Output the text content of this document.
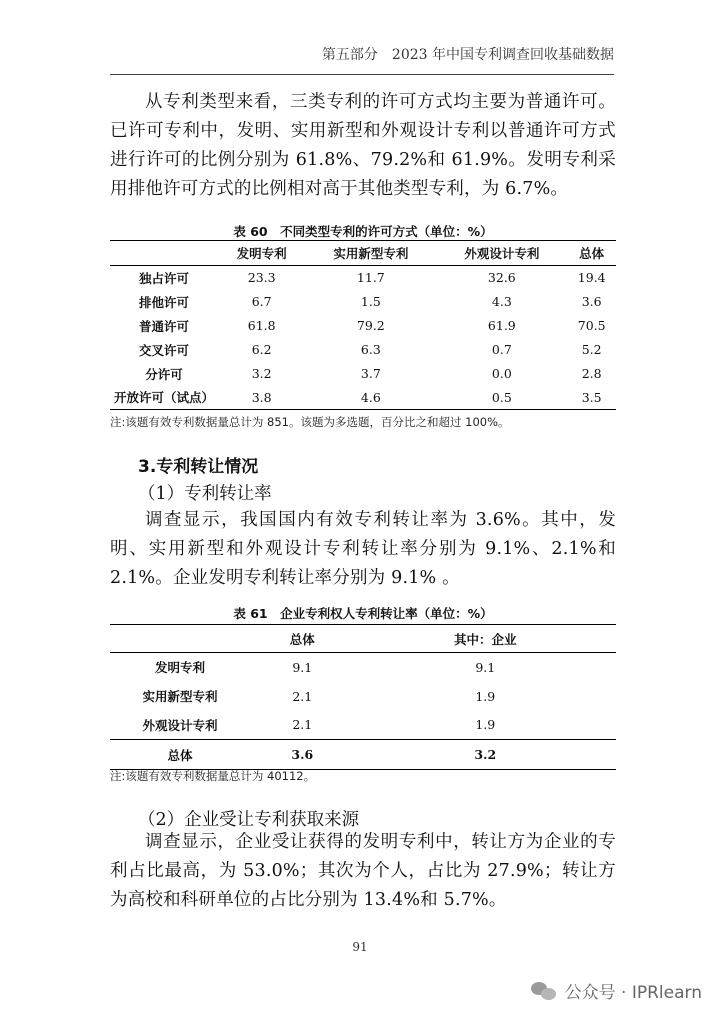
第五部分　2023 年中国专利调查回收基础数据

从专利类型来看，三类专利的许可方式均主要为普通许可。已许可专利中，发明、实用新型和外观设计专利以普通许可方式进行许可的比例分别为 61.8%、79.2%和 61.9%。发明专利采用排他许可方式的比例相对高于其他类型专利，为 6.7%。

表 60　不同类型专利的许可方式（单位：%）
	发明专利	实用新型专利	外观设计专利	总体
独占许可	23.3	11.7	32.6	19.4
排他许可	6.7	1.5	4.3	3.6
普通许可	61.8	79.2	61.9	70.5
交叉许可	6.2	6.3	0.7	5.2
分许可	3.2	3.7	0.0	2.8
开放许可（试点）	3.8	4.6	0.5	3.5
注:该题有效专利数据量总计为 851。该题为多选题，百分比之和超过 100%。
3.专利转让情况
（1）专利转让率

调查显示，我国国内有效专利转让率为 3.6%。其中，发明、实用新型和外观设计专利转让率分别为 9.1%、2.1%和 2.1%。企业发明专利转让率分别为 9.1% 。

表 61　企业专利权人专利转让率（单位：%）
	总体	其中：企业
发明专利	9.1	9.1
实用新型专利	2.1	1.9
外观设计专利	2.1	1.9
总体	3.6	3.2
注:该题有效专利数据量总计为 40112。
（2）企业受让专利获取来源

调查显示，企业受让获得的发明专利中，转让方为企业的专利占比最高，为 53.0%；其次为个人，占比为 27.9%；转让方为高校和科研单位的占比分别为 13.4%和 5.7%。

91
公众号 · IPRlearn
